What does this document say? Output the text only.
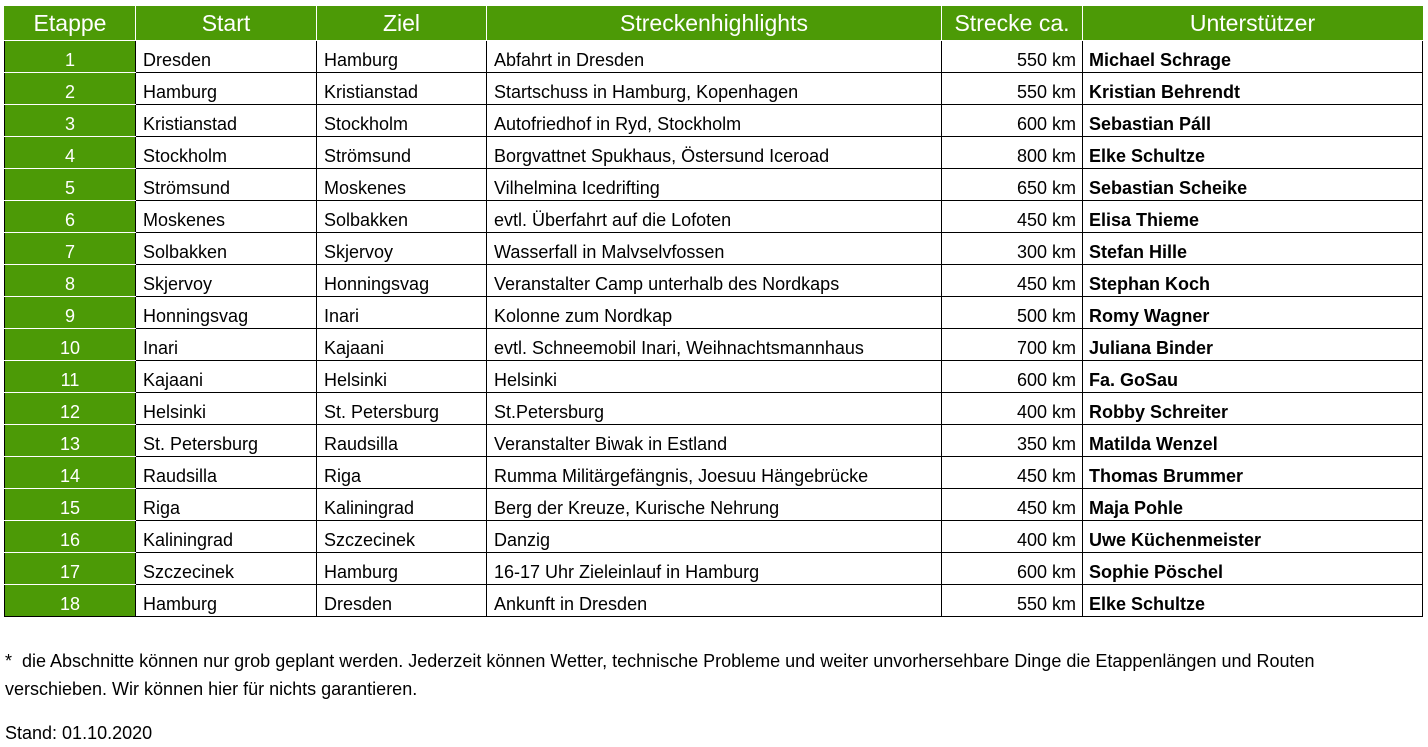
Etappe	Start	Ziel	Streckenhighlights	Strecke ca.	Unterstützer
1	Dresden	Hamburg	Abfahrt in Dresden	550 km	Michael Schrage
2	Hamburg	Kristianstad	Startschuss in Hamburg, Kopenhagen	550 km	Kristian Behrendt
3	Kristianstad	Stockholm	Autofriedhof in Ryd, Stockholm	600 km	Sebastian Páll
4	Stockholm	Strömsund	Borgvattnet Spukhaus, Östersund Iceroad	800 km	Elke Schultze
5	Strömsund	Moskenes	Vilhelmina Icedrifting	650 km	Sebastian Scheike
6	Moskenes	Solbakken	evtl. Überfahrt auf die Lofoten	450 km	Elisa Thieme
7	Solbakken	Skjervoy	Wasserfall in Malvselvfossen	300 km	Stefan Hille
8	Skjervoy	Honningsvag	Veranstalter Camp unterhalb des Nordkaps	450 km	Stephan Koch
9	Honningsvag	Inari	Kolonne zum Nordkap	500 km	Romy Wagner
10	Inari	Kajaani	evtl. Schneemobil Inari, Weihnachtsmannhaus	700 km	Juliana Binder
11	Kajaani	Helsinki	Helsinki	600 km	Fa. GoSau
12	Helsinki	St. Petersburg	St.Petersburg	400 km	Robby Schreiter
13	St. Petersburg	Raudsilla	Veranstalter Biwak in Estland	350 km	Matilda Wenzel
14	Raudsilla	Riga	Rumma Militärgefängnis, Joesuu Hängebrücke	450 km	Thomas Brummer
15	Riga	Kaliningrad	Berg der Kreuze, Kurische Nehrung	450 km	Maja Pohle
16	Kaliningrad	Szczecinek	Danzig	400 km	Uwe Küchenmeister
17	Szczecinek	Hamburg	16-17 Uhr Zieleinlauf in Hamburg	600 km	Sophie Pöschel
18	Hamburg	Dresden	Ankunft in Dresden	550 km	Elke Schultze
* die Abschnitte können nur grob geplant werden. Jederzeit können Wetter, technische Probleme und weiter unvorhersehbare Dinge die Etappenlängen und Routen verschieben. Wir können hier für nichts garantieren.
Stand: 01.10.2020
